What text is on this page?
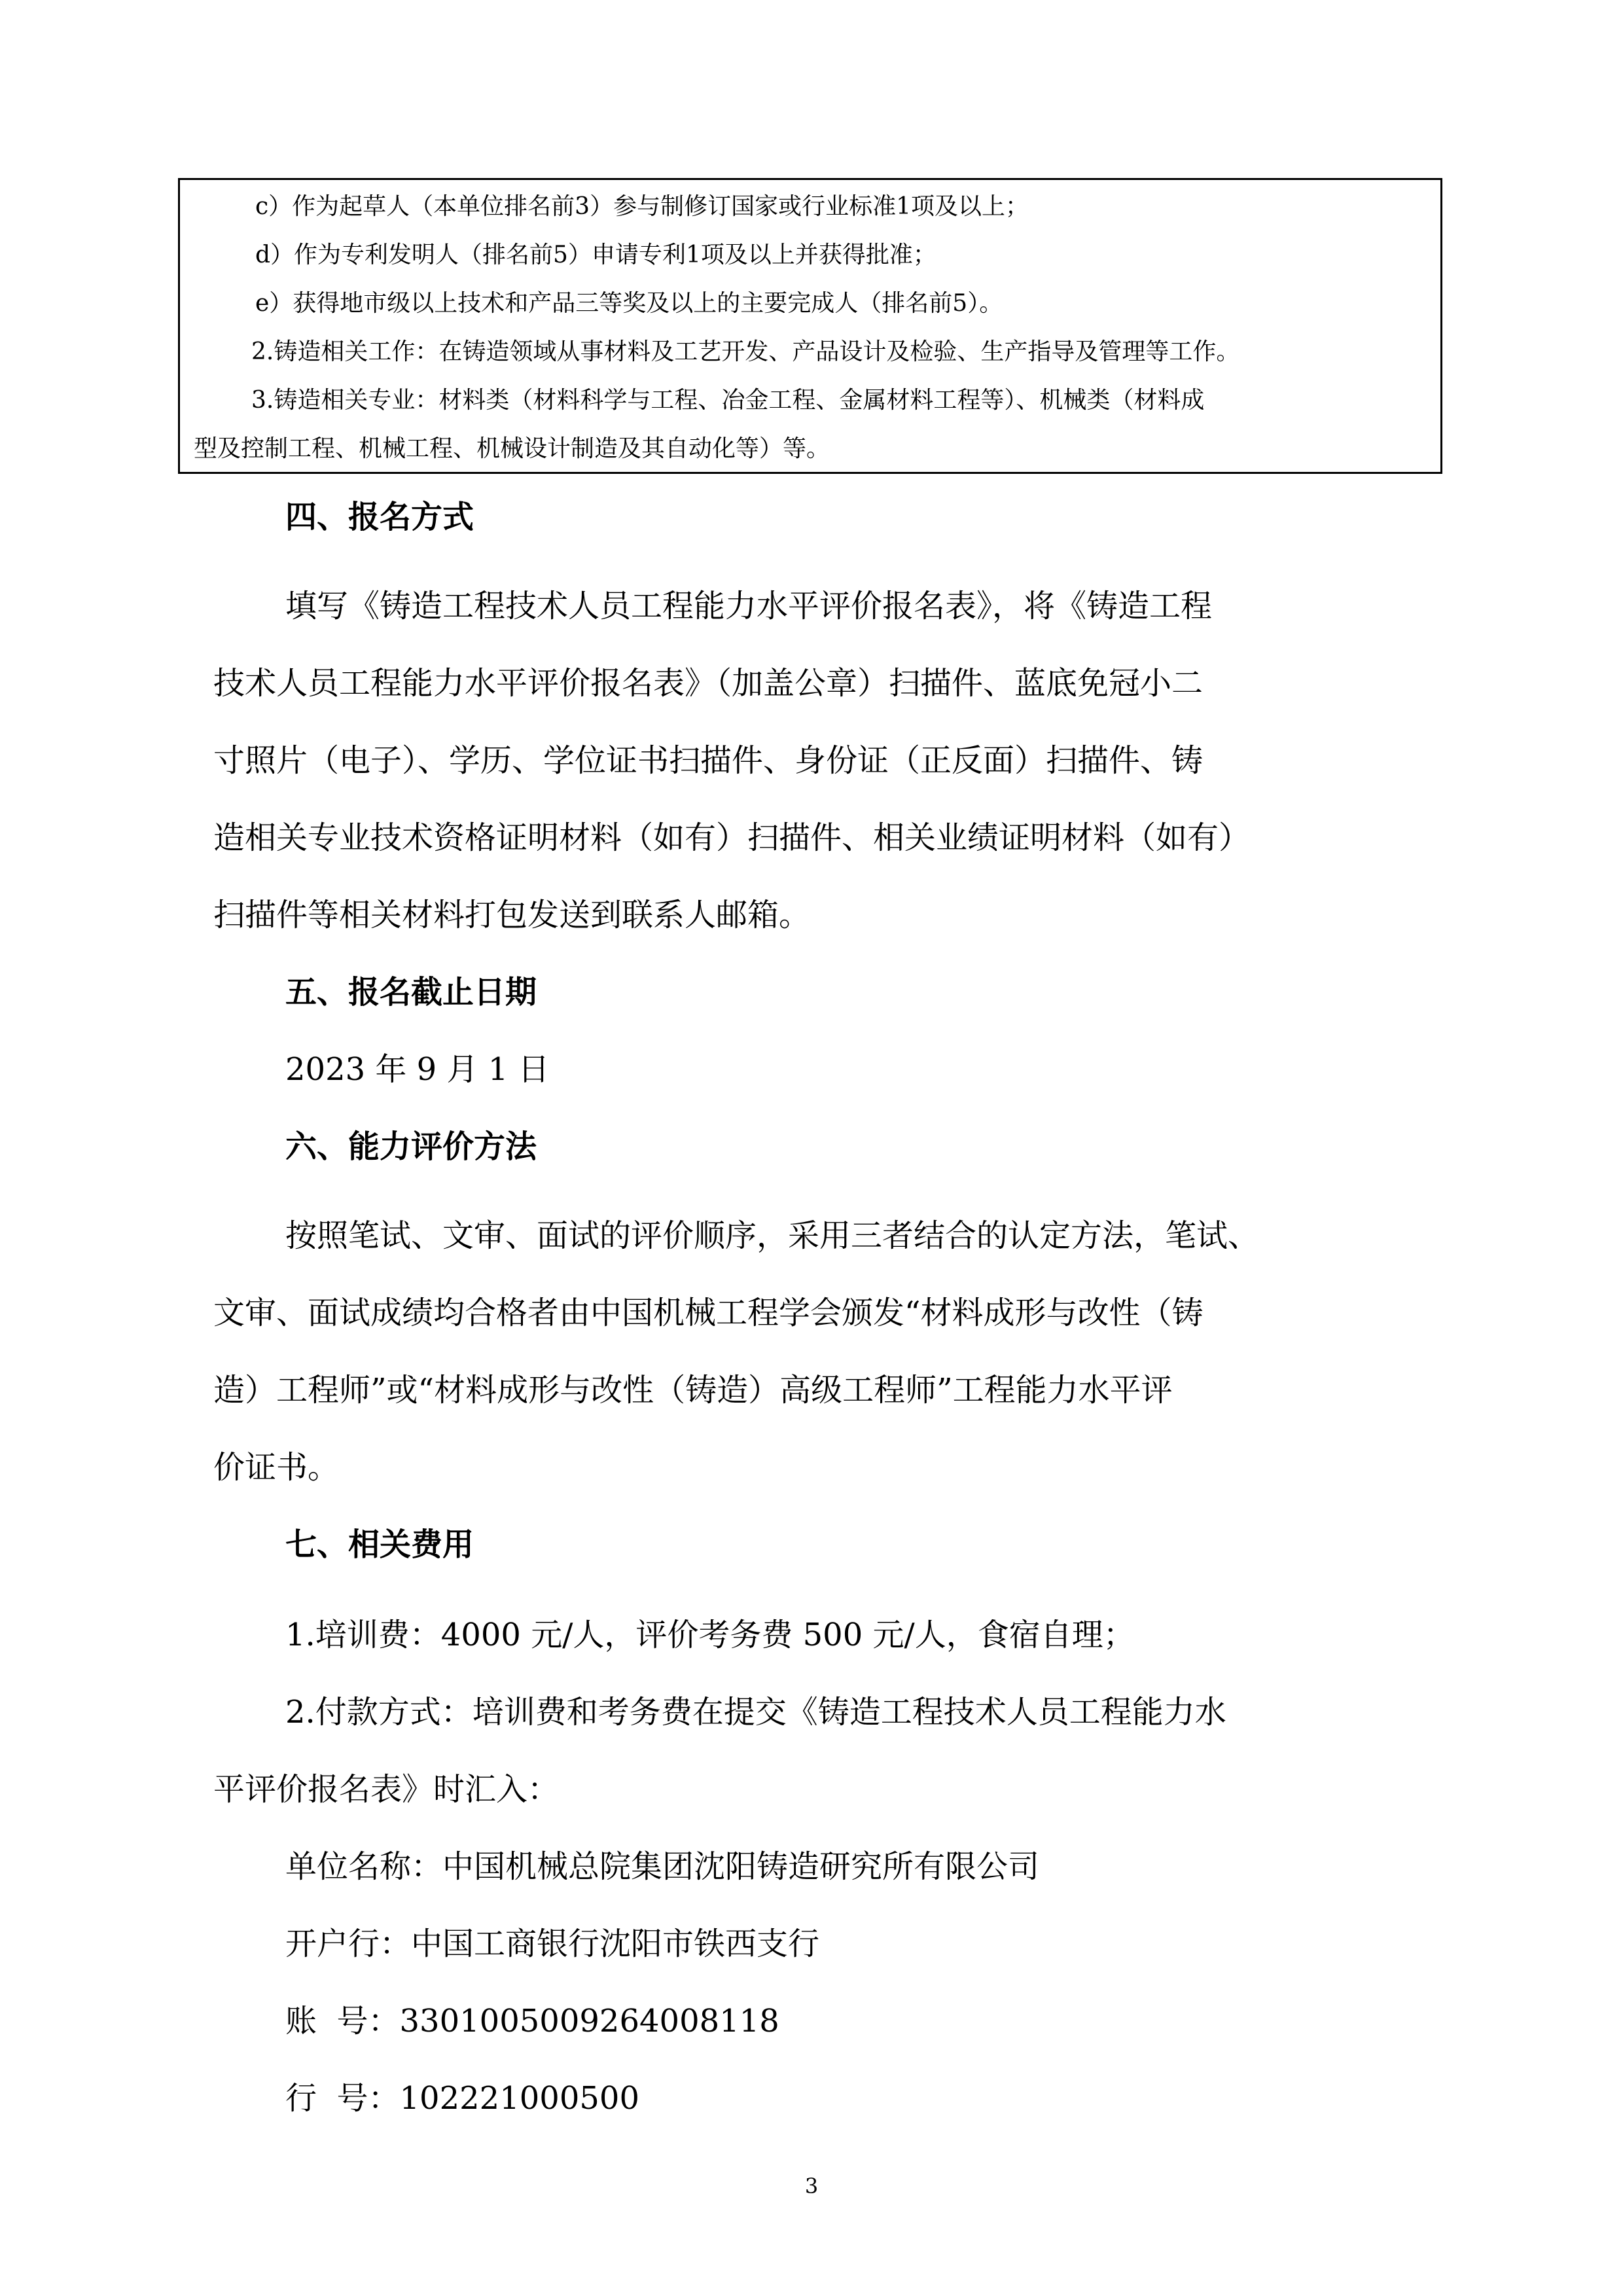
c）作为起草人（本单位排名前3）参与制修订国家或行业标准1项及以上；
d）作为专利发明人（排名前5）申请专利1项及以上并获得批准；
e）获得地市级以上技术和产品三等奖及以上的主要完成人（排名前5）。
2.铸造相关工作：在铸造领域从事材料及工艺开发、产品设计及检验、生产指导及管理等工作。
3.铸造相关专业：材料类（材料科学与工程、冶金工程、金属材料工程等）、机械类（材料成
型及控制工程、机械工程、机械设计制造及其自动化等）等。
四、报名方式
填写《铸造工程技术人员工程能力水平评价报名表》，将《铸造工程
技术人员工程能力水平评价报名表》（加盖公章）扫描件、蓝底免冠小二
寸照片（电子）、学历、学位证书扫描件、身份证（正反面）扫描件、铸
造相关专业技术资格证明材料（如有）扫描件、相关业绩证明材料（如有）
扫描件等相关材料打包发送到联系人邮箱。
五、报名截止日期
2023 年 9 月 1 日
六、能力评价方法
按照笔试、文审、面试的评价顺序，采用三者结合的认定方法，笔试、
文审、面试成绩均合格者由中国机械工程学会颁发“材料成形与改性（铸
造）工程师”或“材料成形与改性（铸造）高级工程师”工程能力水平评
价证书。
七、相关费用
1.培训费：4000 元/人，评价考务费 500 元/人，食宿自理；
2.付款方式：培训费和考务费在提交《铸造工程技术人员工程能力水
平评价报名表》时汇入：
单位名称：中国机械总院集团沈阳铸造研究所有限公司
开户行：中国工商银行沈阳市铁西支行
账  号：3301005009264008118
行  号：102221000500
3
